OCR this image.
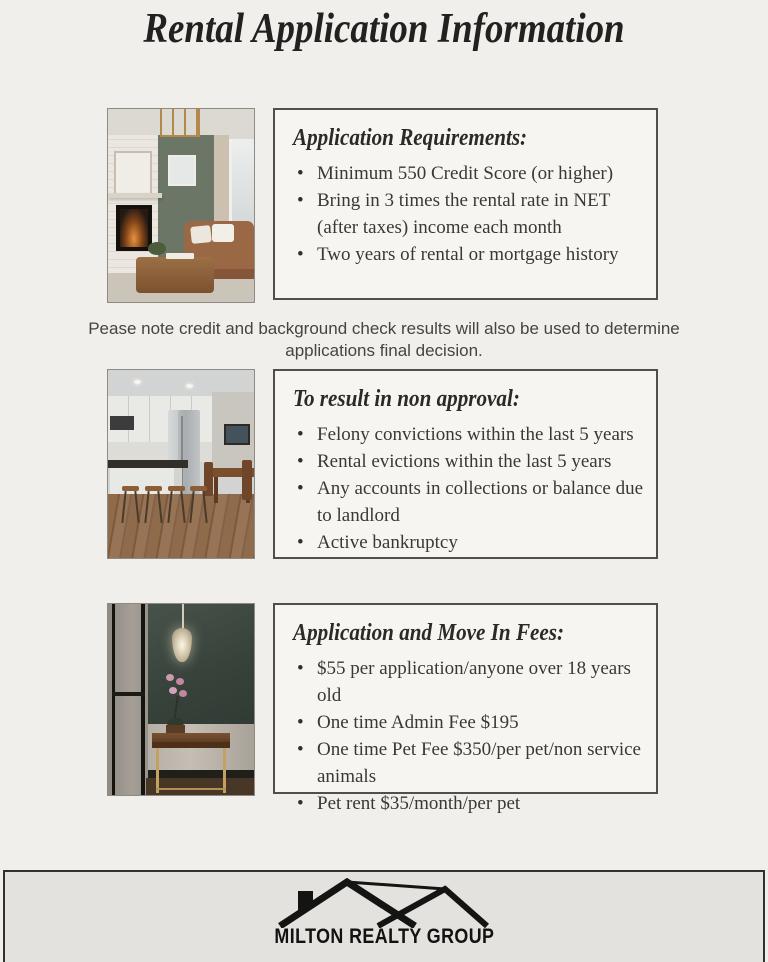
Rental Application Information
Application Requirements:
• Minimum 550 Credit Score (or higher)
• Bring in 3 times the rental rate in NET (after taxes) income each month
• Two years of rental or mortgage history

Pease note credit and background check results will also be used to determine applications final decision.

To result in non approval:
• Felony convictions within the last 5 years
• Rental evictions within the last 5 years
• Any accounts in collections or balance due to landlord
• Active bankruptcy
Application and Move In Fees:
• $55 per application/anyone over 18 years old
• One time Admin Fee $195
• One time Pet Fee $350/per pet/non service animals
• Pet rent $35/month/per pet
MILTON REALTY GROUP
